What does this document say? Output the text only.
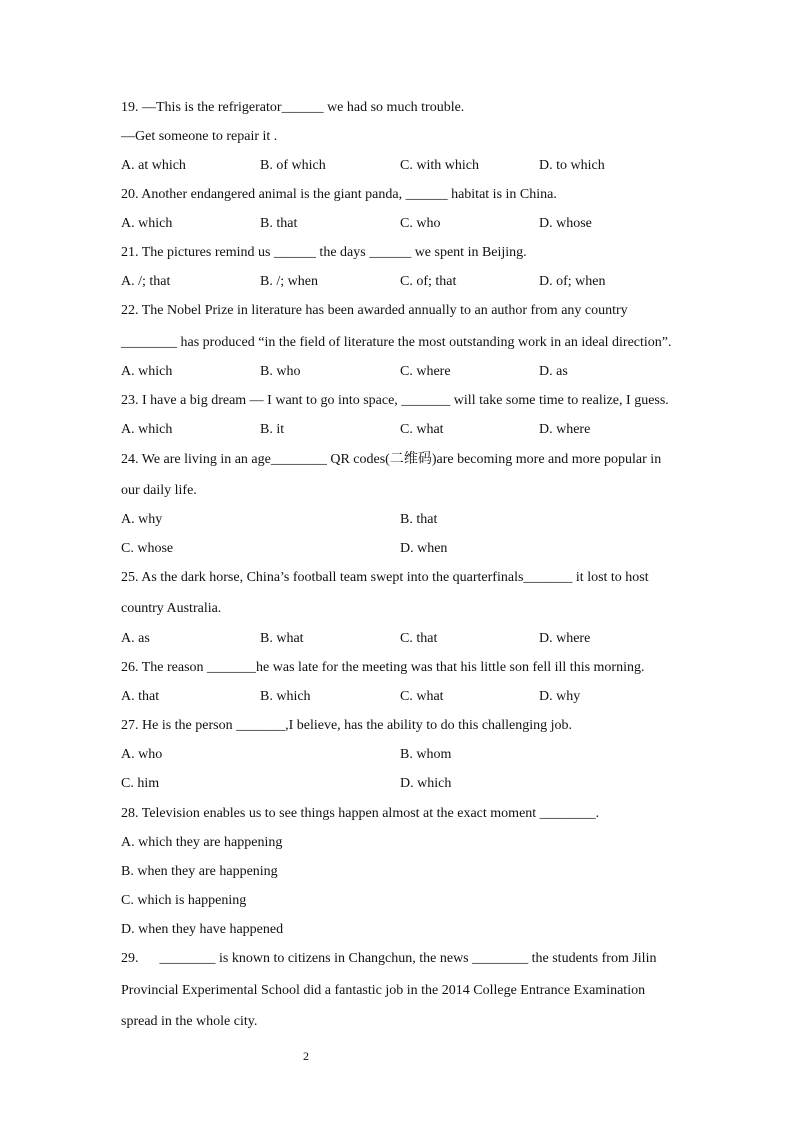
19. —This is the refrigerator______ we had so much trouble.
—Get someone to repair it .
A. at which	B. of which	C. with which	D. to which
20. Another endangered animal is the giant panda, ______ habitat is in China.
A. which	B. that	C. who	D. whose
21. The pictures remind us ______ the days ______ we spent in Beijing.
A. /; that	B. /; when	C. of; that	D. of; when
22. The Nobel Prize in literature has been awarded annually to an author from any country
________ has produced “in the field of literature the most outstanding work in an ideal direction”.
A. which	B. who	C. where	D. as
23. I have a big dream — I want to go into space, _______ will take some time to realize, I guess.
A. which	B. it	C. what	D. where
24. We are living in an age________ QR codes(二维码)are becoming more and more popular in
our daily life.
A. why	B. that
C. whose	D. when
25. As the dark horse, China’s football team swept into the quarterfinals_______ it lost to host
country Australia.
A. as	B. what	C. that	D. where
26. The reason _______he was late for the meeting was that his little son fell ill this morning.
A. that	B. which	C. what	D. why
27. He is the person _______,I believe, has the ability to do this challenging job.
A. who	B. whom
C. him	D. which
28. Television enables us to see things happen almost at the exact moment ________.
A. which they are happening
B. when they are happening
C. which is happening
D. when they have happened
29.      ________ is known to citizens in Changchun, the news ________ the students from Jilin
Provincial Experimental School did a fantastic job in the 2014 College Entrance Examination
spread in the whole city.
2
